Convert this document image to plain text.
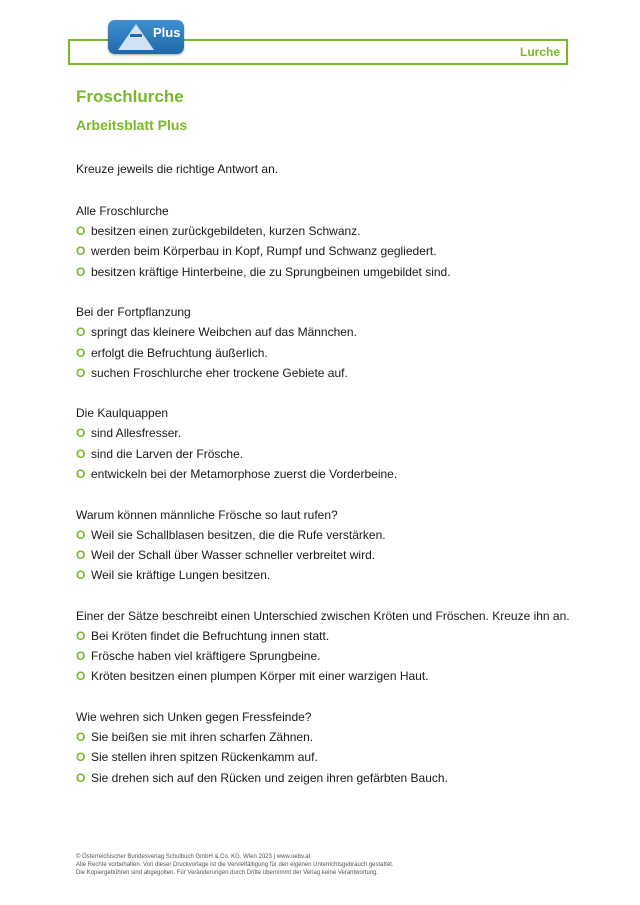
Lurche
Plus
Froschlurche
Arbeitsblatt Plus
Kreuze jeweils die richtige Antwort an.
Alle Froschlurche
O besitzen einen zurückgebildeten, kurzen Schwanz.
O werden beim Körperbau in Kopf, Rumpf und Schwanz gegliedert.
O besitzen kräftige Hinterbeine, die zu Sprungbeinen umgebildet sind.
Bei der Fortpflanzung
O springt das kleinere Weibchen auf das Männchen.
O erfolgt die Befruchtung äußerlich.
O suchen Froschlurche eher trockene Gebiete auf.
Die Kaulquappen
O sind Allesfresser.
O sind die Larven der Frösche.
O entwickeln bei der Metamorphose zuerst die Vorderbeine.
Warum können männliche Frösche so laut rufen?
O Weil sie Schallblasen besitzen, die die Rufe verstärken.
O Weil der Schall über Wasser schneller verbreitet wird.
O Weil sie kräftige Lungen besitzen.
Einer der Sätze beschreibt einen Unterschied zwischen Kröten und Fröschen. Kreuze ihn an.
O Bei Kröten findet die Befruchtung innen statt.
O Frösche haben viel kräftigere Sprungbeine.
O Kröten besitzen einen plumpen Körper mit einer warzigen Haut.
Wie wehren sich Unken gegen Fressfeinde?
O Sie beißen sie mit ihren scharfen Zähnen.
O Sie stellen ihren spitzen Rückenkamm auf.
O Sie drehen sich auf den Rücken und zeigen ihren gefärbten Bauch.
© Österreichischer Bundesverlag Schulbuch GmbH & Co. KG, Wien 2023 | www.oebv.at
Alle Rechte vorbehalten. Von dieser Druckvorlage ist die Vervielfältigung für den eigenen Unterrichtsgebrauch gestattet.
Die Kopiergebühren sind abgegolten. Für Veränderungen durch Dritte übernimmt der Verlag keine Verantwortung.
